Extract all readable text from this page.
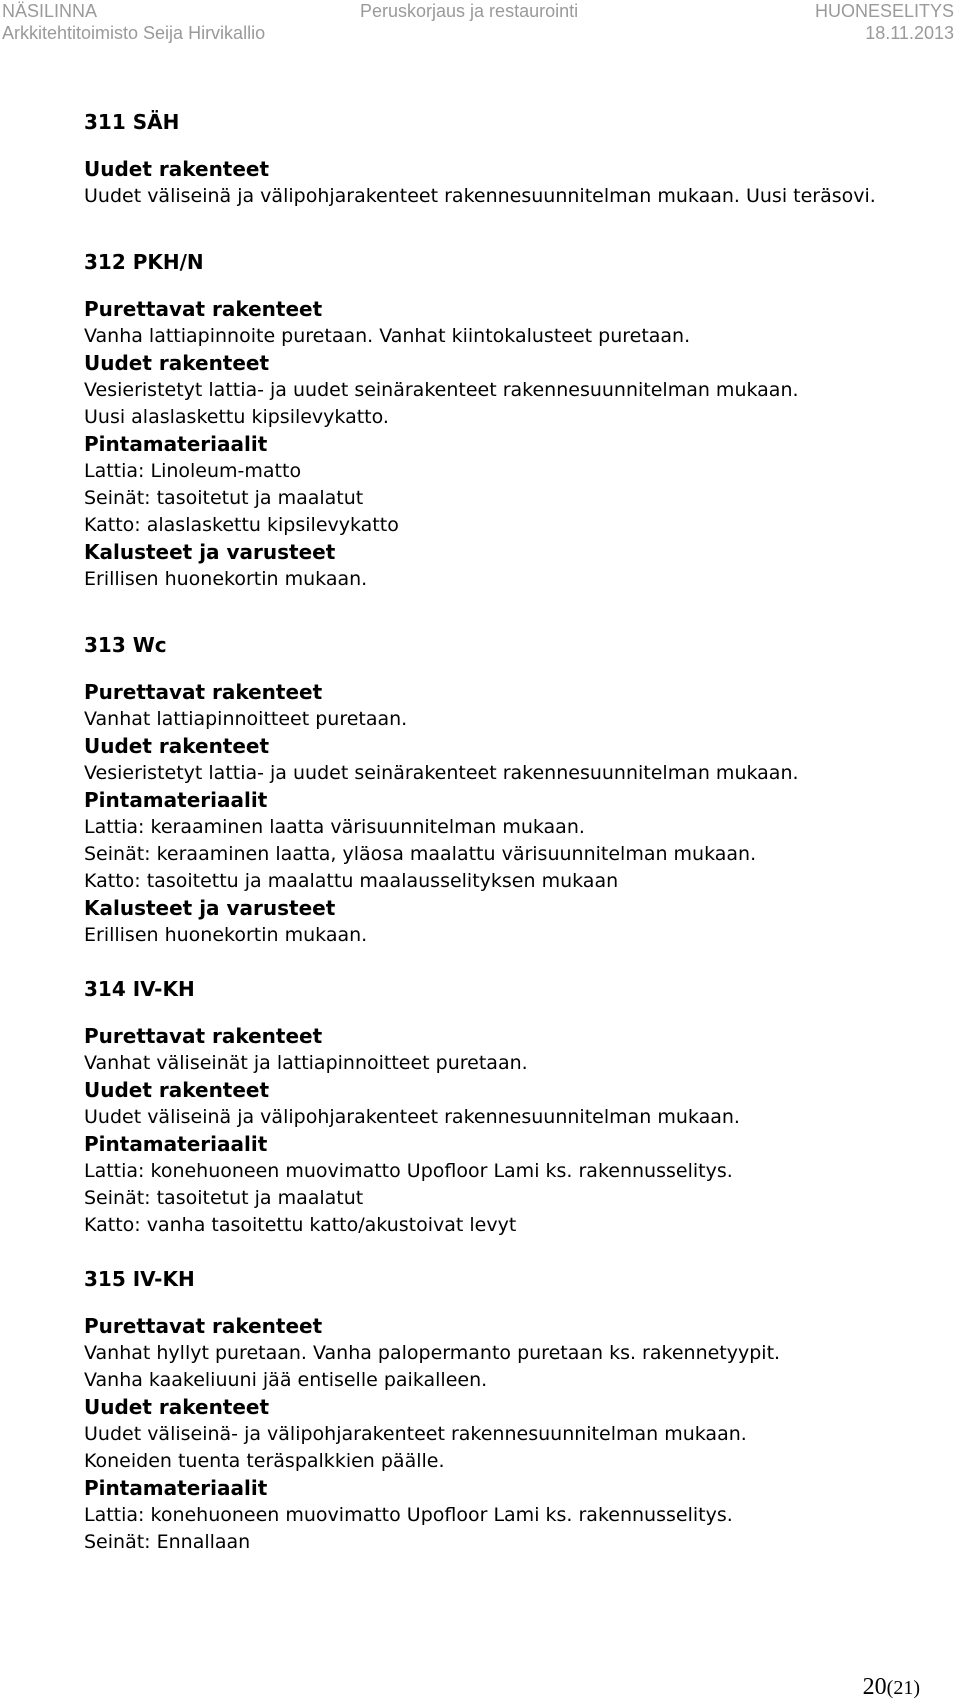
NÄSILINNA
Arkkitehtitoimisto Seija Hirvikallio
Peruskorjaus ja restaurointi	HUONESELITYS
18.11.2013
311 SÄH
Uudet rakenteet
Uudet väliseinä ja välipohjarakenteet rakennesuunnitelman mukaan. Uusi teräsovi.
312 PKH/N
Purettavat rakenteet
Vanha lattiapinnoite puretaan. Vanhat kiintokalusteet puretaan.
Uudet rakenteet
Vesieristetyt lattia- ja uudet seinärakenteet rakennesuunnitelman mukaan.
Uusi alaslaskettu kipsilevykatto.
Pintamateriaalit
Lattia: Linoleum-matto
Seinät: tasoitetut ja maalatut
Katto: alaslaskettu kipsilevykatto
Kalusteet ja varusteet
Erillisen huonekortin mukaan.
313 Wc
Purettavat rakenteet
Vanhat lattiapinnoitteet puretaan.
Uudet rakenteet
Vesieristetyt lattia- ja uudet seinärakenteet rakennesuunnitelman mukaan.
Pintamateriaalit
Lattia: keraaminen laatta värisuunnitelman mukaan.
Seinät: keraaminen laatta, yläosa maalattu värisuunnitelman mukaan.
Katto: tasoitettu ja maalattu maalausselityksen mukaan
Kalusteet ja varusteet
Erillisen huonekortin mukaan.
314 IV-KH
Purettavat rakenteet
Vanhat väliseinät ja lattiapinnoitteet puretaan.
Uudet rakenteet
Uudet väliseinä ja välipohjarakenteet rakennesuunnitelman mukaan.
Pintamateriaalit
Lattia: konehuoneen muovimatto Upofloor Lami ks. rakennusselitys.
Seinät: tasoitetut ja maalatut
Katto: vanha tasoitettu katto/akustoivat levyt
315 IV-KH
Purettavat rakenteet
Vanhat hyllyt puretaan. Vanha palopermanto puretaan ks. rakennetyypit.
Vanha kaakeliuuni jää entiselle paikalleen.
Uudet rakenteet
Uudet väliseinä- ja välipohjarakenteet rakennesuunnitelman mukaan.
Koneiden tuenta teräspalkkien päälle.
Pintamateriaalit
Lattia: konehuoneen muovimatto Upofloor Lami ks. rakennusselitys.
Seinät: Ennallaan
20(21)
